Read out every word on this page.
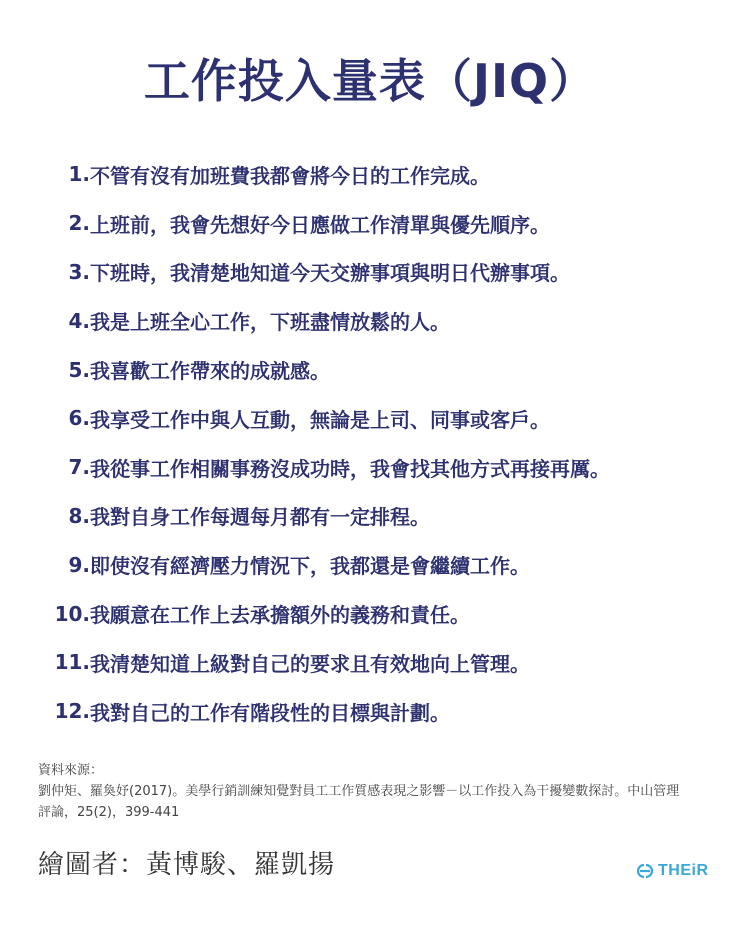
工作投入量表（JIQ）
1. 不管有沒有加班費我都會將今日的工作完成。
2. 上班前，我會先想好今日應做工作清單與優先順序。
3. 下班時，我清楚地知道今天交辦事項與明日代辦事項。
4. 我是上班全心工作，下班盡情放鬆的人。
5. 我喜歡工作帶來的成就感。
6. 我享受工作中與人互動，無論是上司、同事或客戶。
7. 我從事工作相關事務沒成功時，我會找其他方式再接再厲。
8. 我對自身工作每週每月都有一定排程。
9. 即使沒有經濟壓力情況下，我都還是會繼續工作。
10. 我願意在工作上去承擔額外的義務和責任。
11. 我清楚知道上級對自己的要求且有效地向上管理。
12. 我對自己的工作有階段性的目標與計劃。
資料來源：
劉仲矩、羅奐妤(2017)。美學行銷訓練知覺對員工工作質感表現之影響－以工作投入為干擾變數探討。中山管理
評論，25(2)，399-441
繪圖者：黃博駿、羅凱揚	THEiR
